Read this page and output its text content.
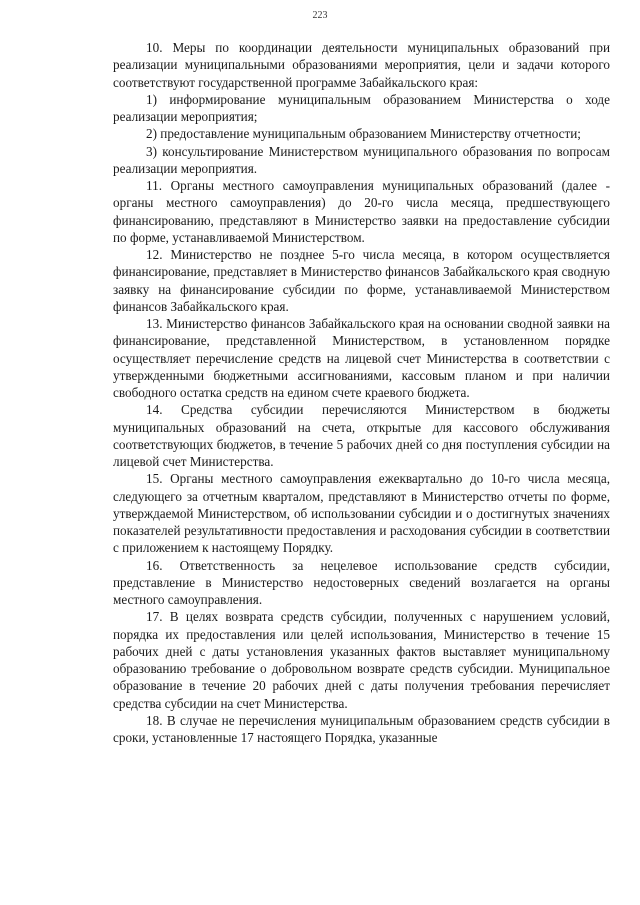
223

10. Меры по координации деятельности муниципальных образований при реализации муниципальными образованиями мероприятия, цели и задачи которого соответствуют государственной программе Забайкальского края:

1) информирование муниципальным образованием Министерства о ходе реализации мероприятия;

2) предоставление муниципальным образованием Министерству отчетности;

3) консультирование Министерством муниципального образования по вопросам реализации мероприятия.

11. Органы местного самоуправления муниципальных образований (далее - органы местного самоуправления) до 20-го числа месяца, предшествующего финансированию, представляют в Министерство заявки на предоставление субсидии по форме, устанавливаемой Министерством.

12. Министерство не позднее 5-го числа месяца, в котором осуществляется финансирование, представляет в Министерство финансов Забайкальского края сводную заявку на финансирование субсидии по форме, устанавливаемой Министерством финансов Забайкальского края.

13. Министерство финансов Забайкальского края на основании сводной заявки на финансирование, представленной Министерством, в установленном порядке осуществляет перечисление средств на лицевой счет Министерства в соответствии с утвержденными бюджетными ассигнованиями, кассовым планом и при наличии свободного остатка средств на едином счете краевого бюджета.

14. Средства субсидии перечисляются Министерством в бюджеты муниципальных образований на счета, открытые для кассового обслуживания соответствующих бюджетов, в течение 5 рабочих дней со дня поступления субсидии на лицевой счет Министерства.

15. Органы местного самоуправления ежеквартально до 10-го числа месяца, следующего за отчетным кварталом, представляют в Министерство отчеты по форме, утверждаемой Министерством, об использовании субсидии и о достигнутых значениях показателей результативности предоставления и расходования субсидии в соответствии с приложением к настоящему Порядку.

16. Ответственность за нецелевое использование средств субсидии, представление в Министерство недостоверных сведений возлагается на органы местного самоуправления.

17. В целях возврата средств субсидии, полученных с нарушением условий, порядка их предоставления или целей использования, Министерство в течение 15 рабочих дней с даты установления указанных фактов выставляет муниципальному образованию требование о добровольном возврате средств субсидии. Муниципальное образование в течение 20 рабочих дней с даты получения требования перечисляет средства субсидии на счет Министерства.

18. В случае не перечисления муниципальным образованием средств субсидии в сроки, установленные 17 настоящего Порядка, указанные
